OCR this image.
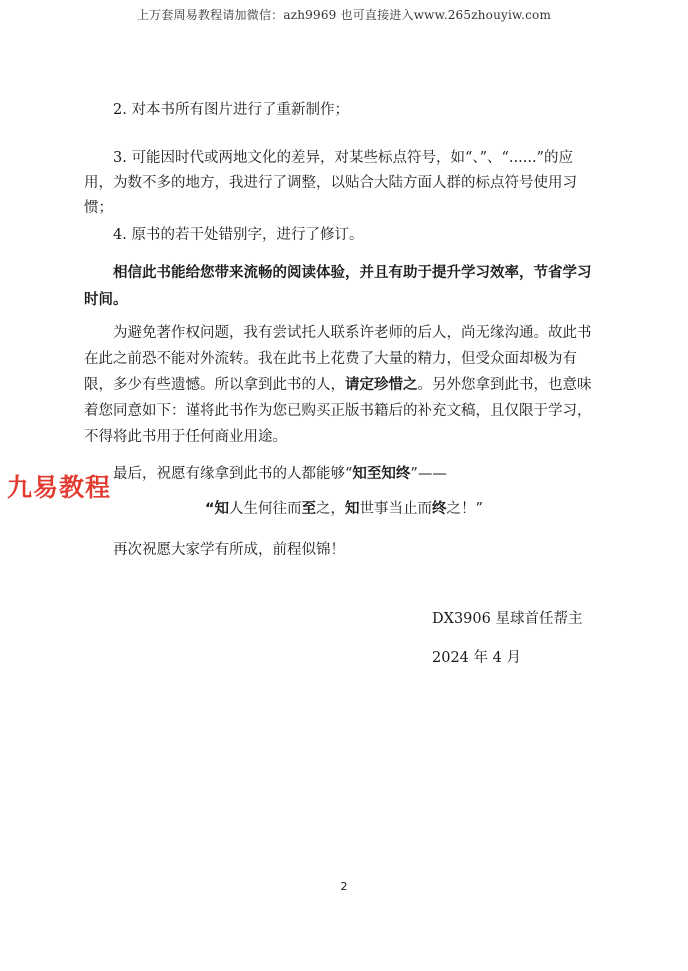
上万套周易教程请加微信：azh9969 也可直接进入www.265zhouyiw.com

2. 对本书所有图片进行了重新制作；

3. 可能因时代或两地文化的差异，对某些标点符号，如“、”、“......”的应用，为数不多的地方，我进行了调整，以贴合大陆方面人群的标点符号使用习惯；

4. 原书的若干处错别字，进行了修订。

相信此书能给您带来流畅的阅读体验，并且有助于提升学习效率，节省学习时间。

为避免著作权问题，我有尝试托人联系许老师的后人，尚无缘沟通。故此书在此之前恐不能对外流转。我在此书上花费了大量的精力，但受众面却极为有限，多少有些遗憾。所以拿到此书的人，请定珍惜之。另外您拿到此书，也意味着您同意如下：谨将此书作为您已购买正版书籍后的补充文稿，且仅限于学习，不得将此书用于任何商业用途。

最后，祝愿有缘拿到此书的人都能够“知至知终”——

“知人生何往而至之，知世事当止而终之！”

再次祝愿大家学有所成，前程似锦！

DX3906 星球首任帮主
2024 年 4 月
九易教程
2
